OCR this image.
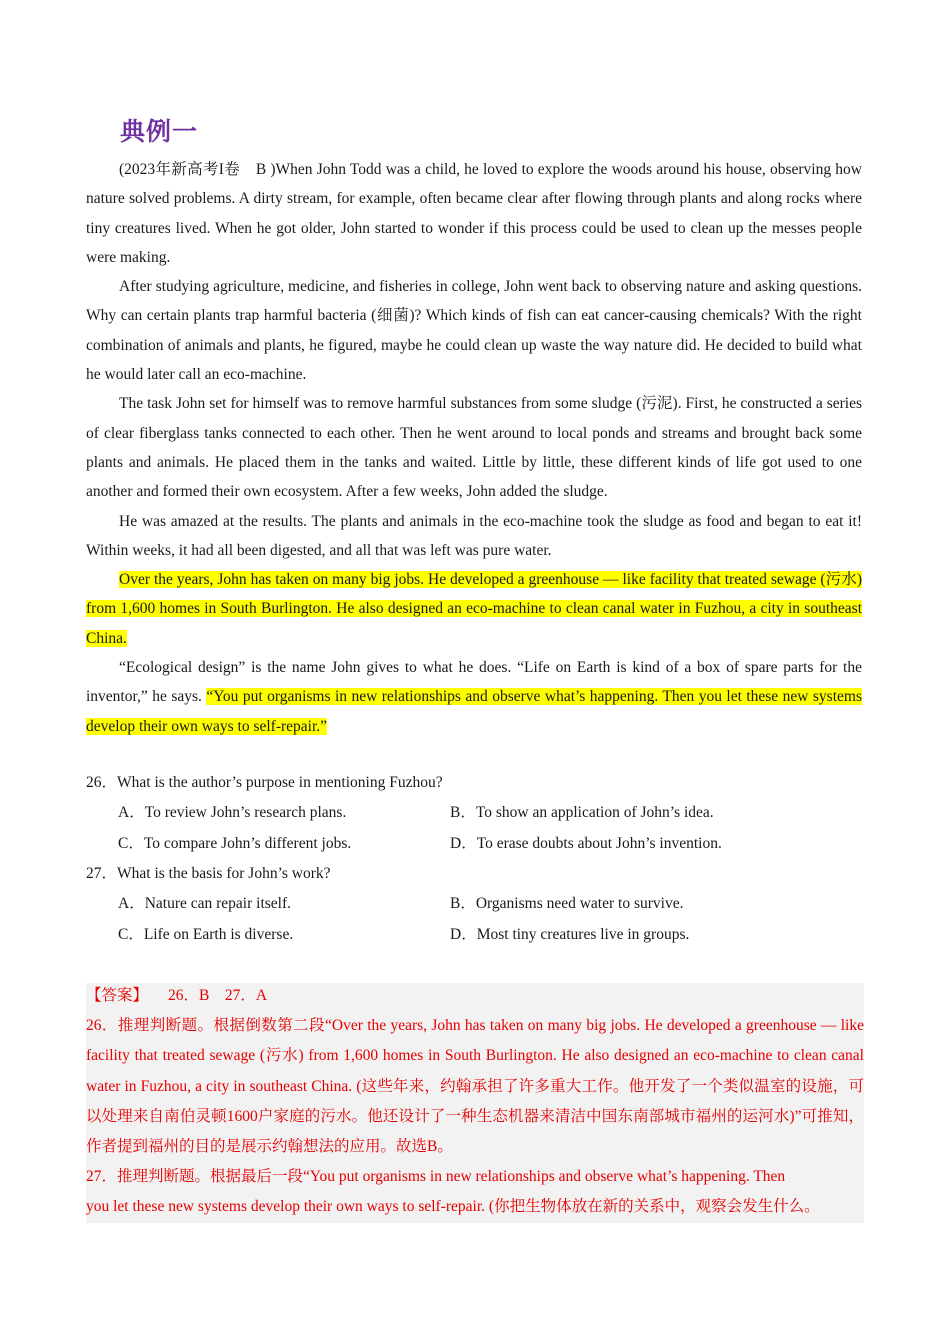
典例一

(2023年新高考I卷　B )When John Todd was a child, he loved to explore the woods around his house, observing how nature solved problems. A dirty stream, for example, often became clear after flowing through plants and along rocks where tiny creatures lived. When he got older, John started to wonder if this process could be used to clean up the messes people were making.

After studying agriculture, medicine, and fisheries in college, John went back to observing nature and asking questions. Why can certain plants trap harmful bacteria (细菌)? Which kinds of fish can eat cancer-causing chemicals? With the right combination of animals and plants, he figured, maybe he could clean up waste the way nature did. He decided to build what he would later call an eco-machine.

The task John set for himself was to remove harmful substances from some sludge (污泥). First, he constructed a series of clear fiberglass tanks connected to each other. Then he went around to local ponds and streams and brought back some plants and animals. He placed them in the tanks and waited. Little by little, these different kinds of life got used to one another and formed their own ecosystem. After a few weeks, John added the sludge.

He was amazed at the results. The plants and animals in the eco-machine took the sludge as food and began to eat it! Within weeks, it had all been digested, and all that was left was pure water.

Over the years, John has taken on many big jobs. He developed a greenhouse — like facility that treated sewage (污水) from 1,600 homes in South Burlington. He also designed an eco-machine to clean canal water in Fuzhou, a city in southeast China.

“Ecological design” is the name John gives to what he does. “Life on Earth is kind of a box of spare parts for the inventor,” he says. “You put organisms in new relationships and observe what’s happening. Then you let these new systems develop their own ways to self-repair.”

26．What is the author’s purpose in mentioning Fuzhou?
A．To review John’s research plans.	B．To show an application of John’s idea.
C．To compare John’s different jobs.	D．To erase doubts about John’s invention.
27．What is the basis for John’s work?
A．Nature can repair itself.	B．Organisms need water to survive.
C．Life on Earth is diverse.	D．Most tiny creatures live in groups.

【答案】 26．B　27．A

26．推理判断题。根据倒数第二段“Over the years, John has taken on many big jobs. He developed a greenhouse — like facility that treated sewage (污水) from 1,600 homes in South Burlington. He also designed an eco-machine to clean canal water in Fuzhou, a city in southeast China. (这些年来，约翰承担了许多重大工作。他开发了一个类似温室的设施，可以处理来自南伯灵顿1600户家庭的污水。他还设计了一种生态机器来清洁中国东南部城市福州的运河水)”可推知，作者提到福州的目的是展示约翰想法的应用。故选B。

27．推理判断题。根据最后一段“You put organisms in new relationships and observe what’s happening. Then

you let these new systems develop their own ways to self-repair. (你把生物体放在新的关系中，观察会发生什么。
